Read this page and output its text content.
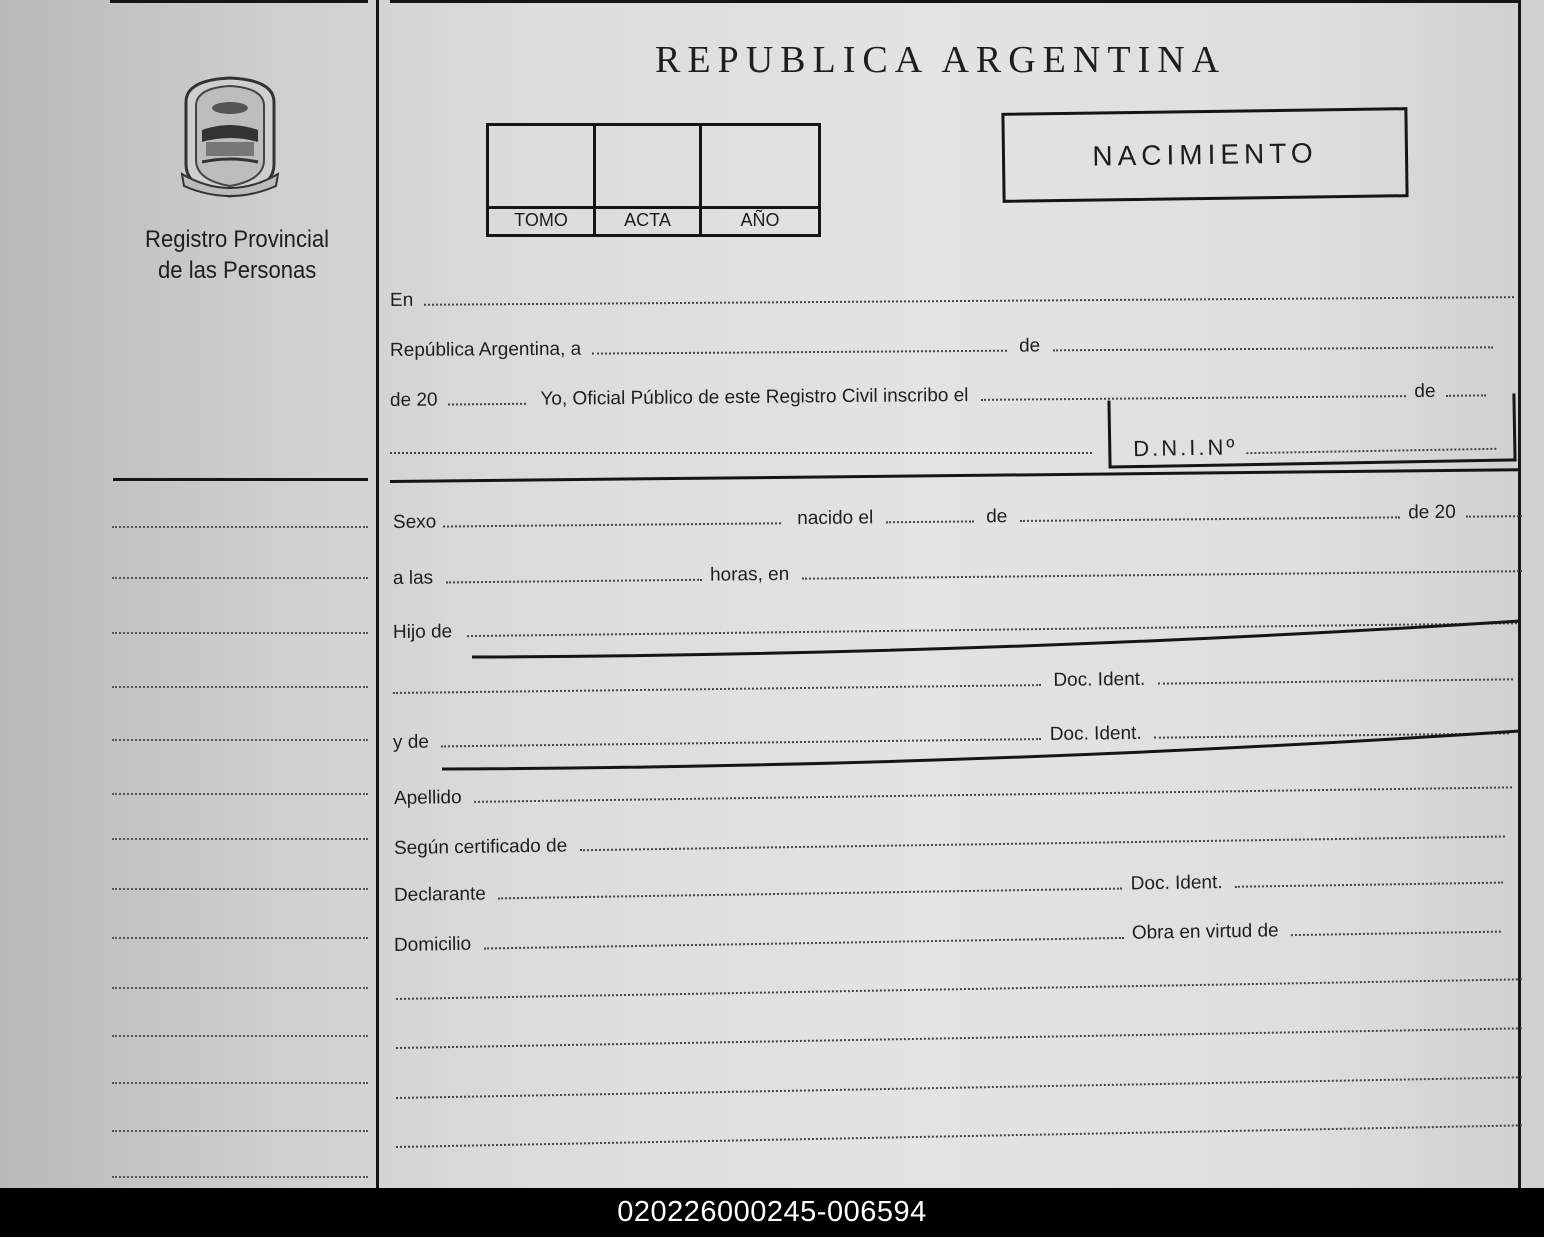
Registro Provincial
de las Personas
REPUBLICA ARGENTINA
TOMO	ACTA	AÑO
NACIMIENTO
En
República Argentina, a	de
de 20	Yo, Oficial Público de este Registro Civil inscribo el	de
D.N.I.Nº
Sexo	nacido el	de	de 20
a las	horas, en
Hijo de
Doc. Ident.
y de	Doc. Ident.
Apellido
Según certificado de
Declarante  Doc. Ident.
Domicilio  Obra en virtud de
020226000245-006594
